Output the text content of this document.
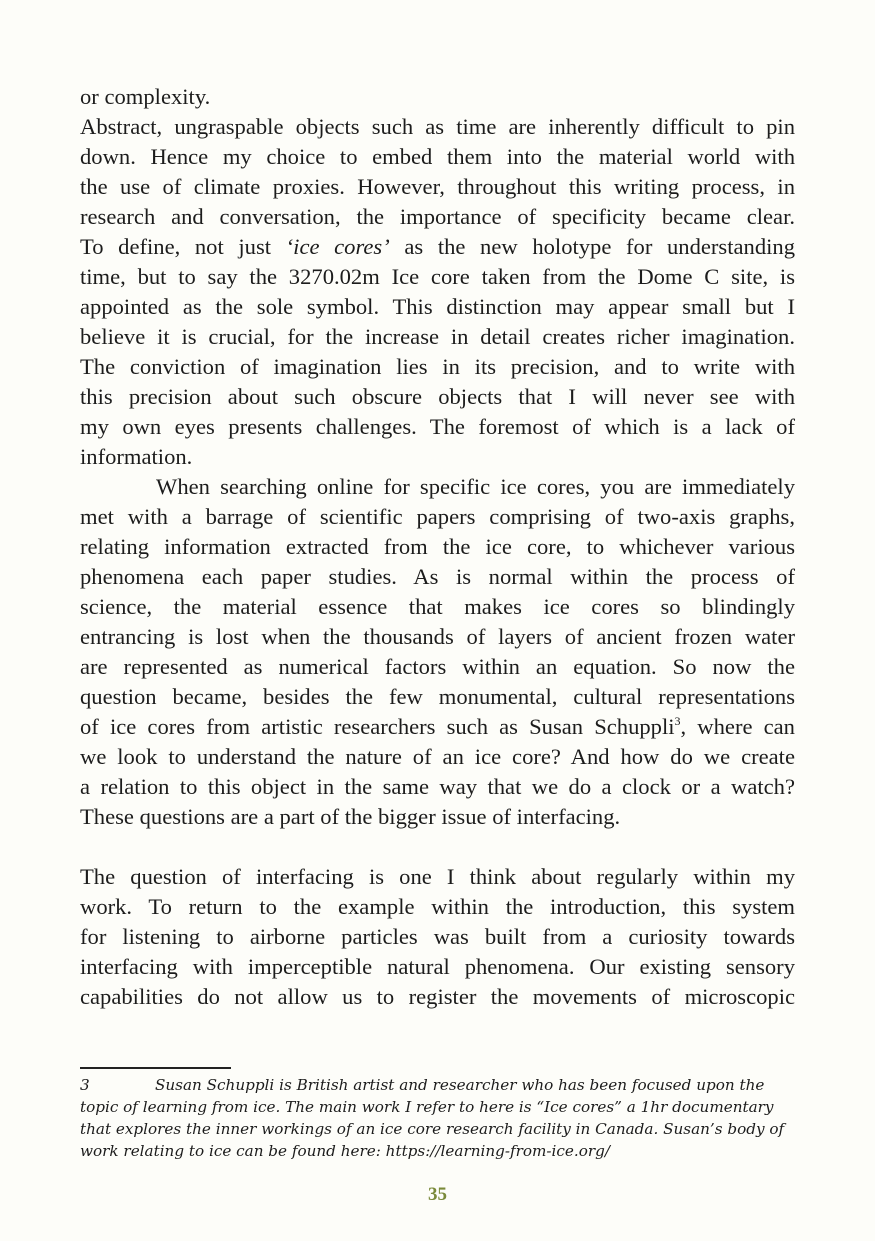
or complexity.
Abstract, ungraspable objects such as time are inherently difficult to pin
down. Hence my choice to embed them into the material world with
the use of climate proxies. However, throughout this writing process, in
research and conversation, the importance of specificity became clear.
To define, not just ‘ice cores’ as the new holotype for understanding
time, but to say the 3270.02m Ice core taken from the Dome C site, is
appointed as the sole symbol. This distinction may appear small but I
believe it is crucial, for the increase in detail creates richer imagination.
The conviction of imagination lies in its precision, and to write with
this precision about such obscure objects that I will never see with
my own eyes presents challenges. The foremost of which is a lack of
information.
When searching online for specific ice cores, you are immediately
met with a barrage of scientific papers comprising of two-axis graphs,
relating information extracted from the ice core, to whichever various
phenomena each paper studies. As is normal within the process of
science, the material essence that makes ice cores so blindingly
entrancing is lost when the thousands of layers of ancient frozen water
are represented as numerical factors within an equation. So now the
question became, besides the few monumental, cultural representations
of ice cores from artistic researchers such as Susan Schuppli$^3$, where can
we look to understand the nature of an ice core? And how do we create
a relation to this object in the same way that we do a clock or a watch?
These questions are a part of the bigger issue of interfacing.
The question of interfacing is one I think about regularly within my
work. To return to the example within the introduction, this system
for listening to airborne particles was built from a curiosity towards
interfacing with imperceptible natural phenomena. Our existing sensory
capabilities do not allow us to register the movements of microscopic
3	Susan Schuppli is British artist and researcher who has been focused upon the
topic of learning from ice. The main work I refer to here is “Ice cores” a 1hr documentary
that explores the inner workings of an ice core research facility in Canada. Susan’s body of
work relating to ice can be found here: https://learning-from-ice.org/
35
